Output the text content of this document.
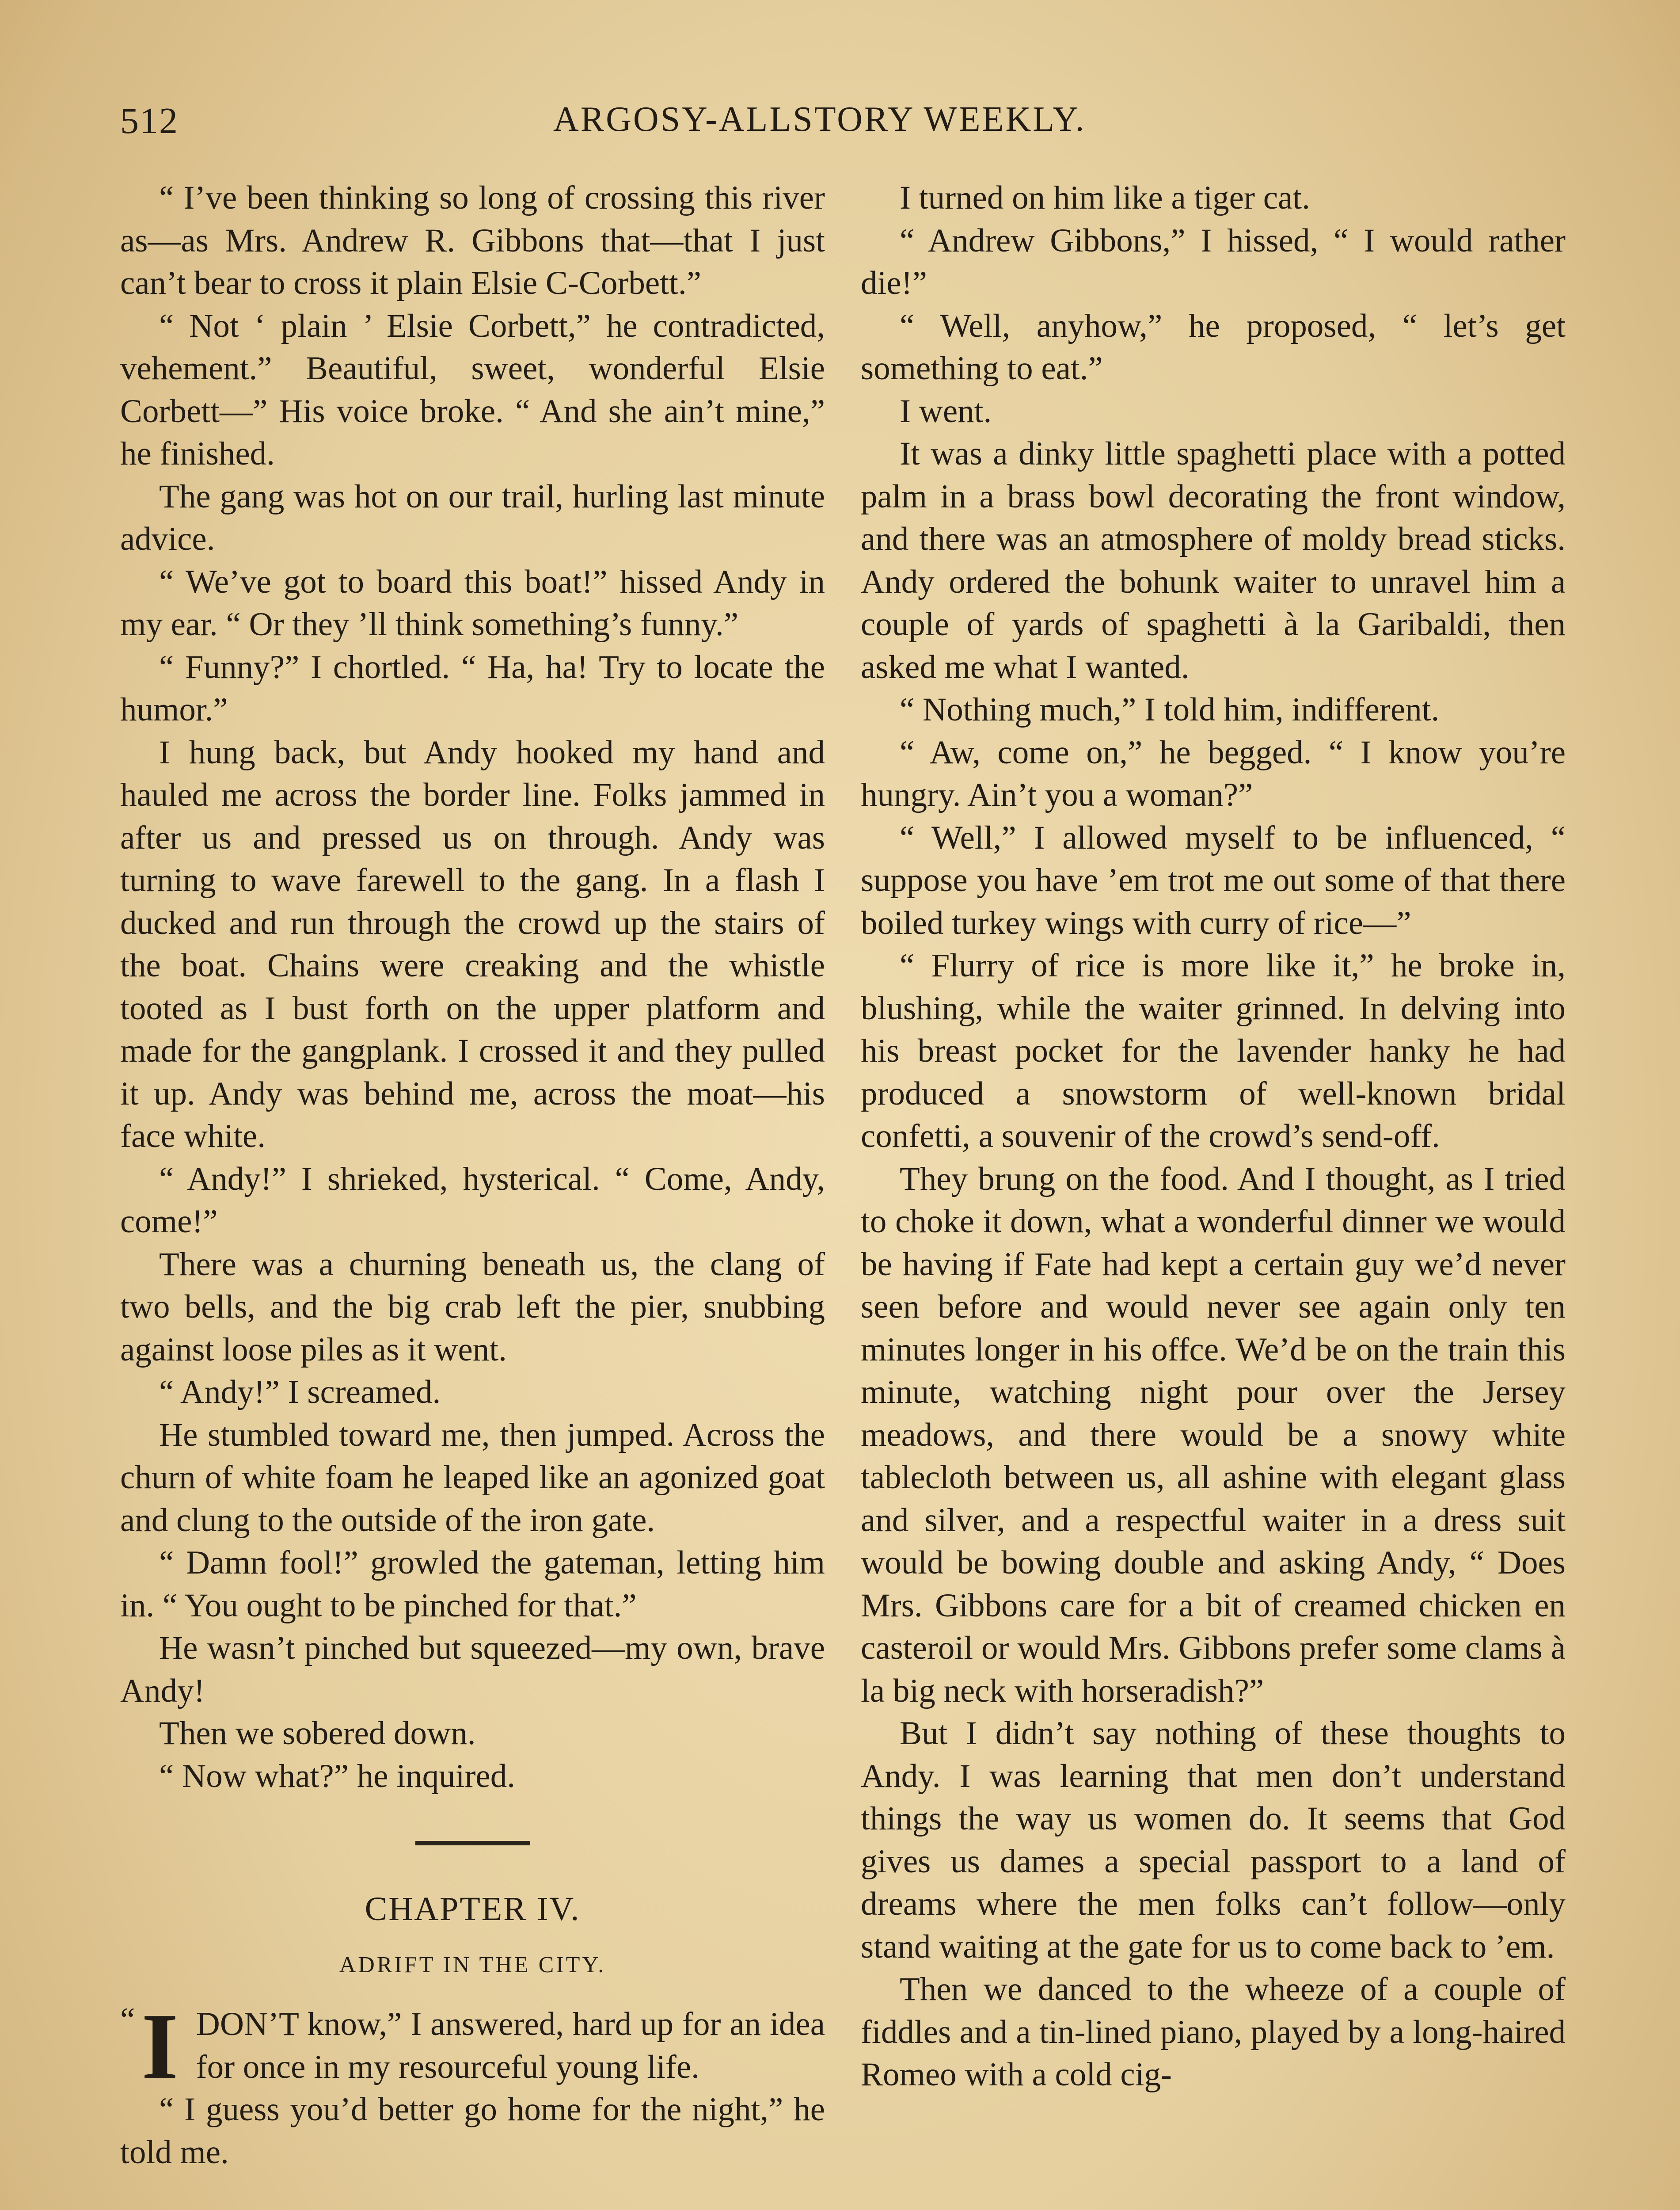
512	ARGOSY-ALLSTORY WEEKLY.

“ I’ve been thinking so long of crossing this river as—as Mrs. Andrew R. Gibbons that—that I just can’t bear to cross it plain Elsie C-Corbett.”

“ Not ‘ plain ’ Elsie Corbett,” he contradicted, vehement.” Beautiful, sweet, wonderful Elsie Corbett—” His voice broke. “ And she ain’t mine,” he finished.

The gang was hot on our trail, hurling last minute advice.

“ We’ve got to board this boat!” hissed Andy in my ear. “ Or they ’ll think something’s funny.”

“ Funny?” I chortled. “ Ha, ha! Try to locate the humor.”

I hung back, but Andy hooked my hand and hauled me across the border line. Folks jammed in after us and pressed us on through. Andy was turning to wave farewell to the gang. In a flash I ducked and run through the crowd up the stairs of the boat. Chains were creaking and the whistle tooted as I bust forth on the upper platform and made for the gangplank. I crossed it and they pulled it up. Andy was behind me, across the moat—his face white.

“ Andy!” I shrieked, hysterical. “ Come, Andy, come!”

There was a churning beneath us, the clang of two bells, and the big crab left the pier, snubbing against loose piles as it went.

“ Andy!” I screamed.

He stumbled toward me, then jumped. Across the churn of white foam he leaped like an agonized goat and clung to the outside of the iron gate.

“ Damn fool!” growled the gateman, letting him in. “ You ought to be pinched for that.”

He wasn’t pinched but squeezed—my own, brave Andy!

Then we sobered down.

“ Now what?” he inquired.

CHAPTER IV.
ADRIFT IN THE CITY.
“ I DON’T know,” I answered, hard up for an idea for once in my resourceful young life.

“ I guess you’d better go home for the night,” he told me.

I turned on him like a tiger cat.

“ Andrew Gibbons,” I hissed, “ I would rather die!”

“ Well, anyhow,” he proposed, “ let’s get something to eat.”

I went.

It was a dinky little spaghetti place with a potted palm in a brass bowl decorating the front window, and there was an atmosphere of moldy bread sticks. Andy ordered the bohunk waiter to unravel him a couple of yards of spaghetti à la Garibaldi, then asked me what I wanted.

“ Nothing much,” I told him, indifferent.

“ Aw, come on,” he begged. “ I know you’re hungry. Ain’t you a woman?”

“ Well,” I allowed myself to be influenced, “ suppose you have ’em trot me out some of that there boiled turkey wings with curry of rice—”

“ Flurry of rice is more like it,” he broke in, blushing, while the waiter grinned. In delving into his breast pocket for the lavender hanky he had produced a snowstorm of well-known bridal confetti, a souvenir of the crowd’s send-off.

They brung on the food. And I thought, as I tried to choke it down, what a wonderful dinner we would be having if Fate had kept a certain guy we’d never seen before and would never see again only ten minutes longer in his offce. We’d be on the train this minute, watching night pour over the Jersey meadows, and there would be a snowy white tablecloth between us, all ashine with elegant glass and silver, and a respectful waiter in a dress suit would be bowing double and asking Andy, “ Does Mrs. Gibbons care for a bit of creamed chicken en casteroil or would Mrs. Gibbons prefer some clams à la big neck with horseradish?”

But I didn’t say nothing of these thoughts to Andy. I was learning that men don’t understand things the way us women do. It seems that God gives us dames a special passport to a land of dreams where the men folks can’t follow—only stand waiting at the gate for us to come back to ’em.

Then we danced to the wheeze of a couple of fiddles and a tin-lined piano, played by a long-haired Romeo with a cold cig-
